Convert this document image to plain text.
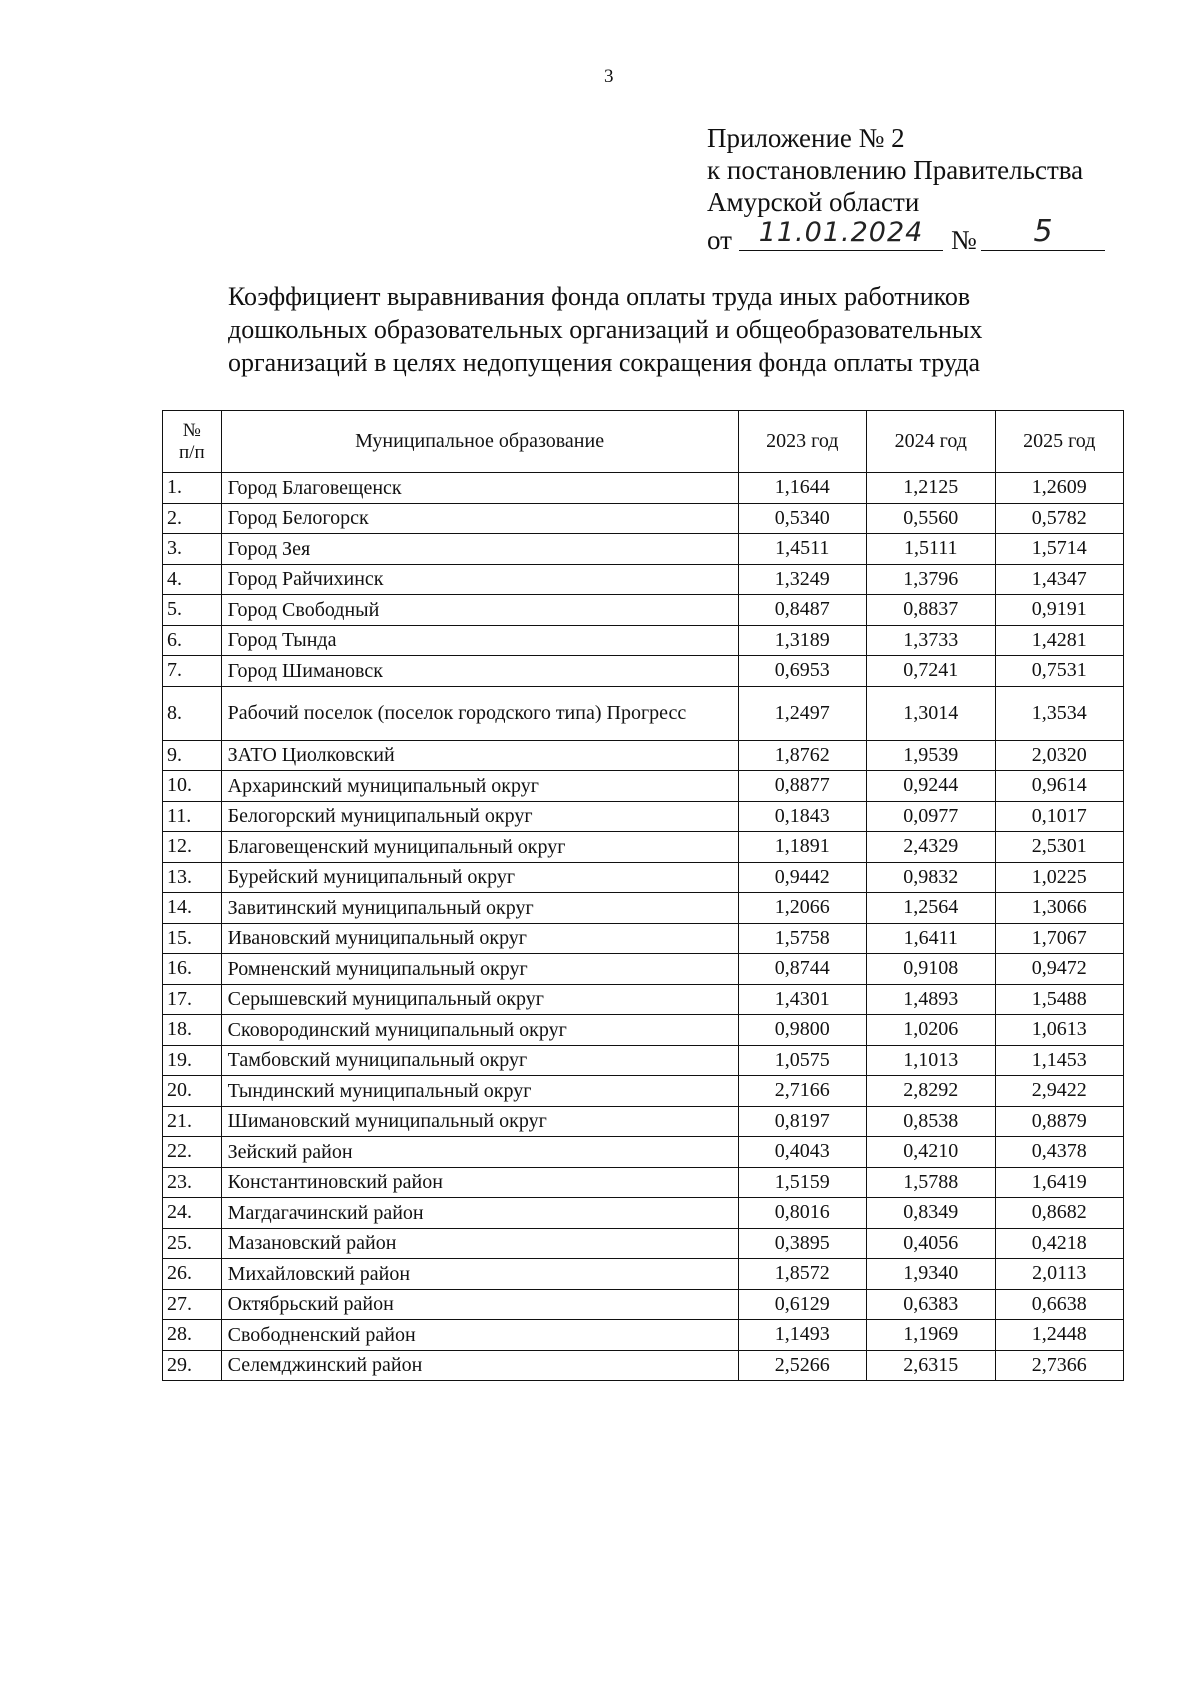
3
Приложение № 2
к постановлению Правительства
Амурской области
от 11.01.2024	№	5
Коэффициент выравнивания фонда оплаты труда иных работников
дошкольных образовательных организаций и общеобразовательных
организаций в целях недопущения сокращения фонда оплаты труда
№
п/п	Муниципальное образование	2023 год	2024 год	2025 год
1.	Город Благовещенск	1,1644	1,2125	1,2609
2.	Город Белогорск	0,5340	0,5560	0,5782
3.	Город Зея	1,4511	1,5111	1,5714
4.	Город Райчихинск	1,3249	1,3796	1,4347
5.	Город Свободный	0,8487	0,8837	0,9191
6.	Город Тында	1,3189	1,3733	1,4281
7.	Город Шимановск	0,6953	0,7241	0,7531
8.	Рабочий поселок (поселок городского типа) Прогресс	1,2497	1,3014	1,3534
9.	ЗАТО Циолковский	1,8762	1,9539	2,0320
10.	Архаринский муниципальный округ	0,8877	0,9244	0,9614
11.	Белогорский муниципальный округ	0,1843	0,0977	0,1017
12.	Благовещенский муниципальный округ	1,1891	2,4329	2,5301
13.	Бурейский муниципальный округ	0,9442	0,9832	1,0225
14.	Завитинский муниципальный округ	1,2066	1,2564	1,3066
15.	Ивановский муниципальный округ	1,5758	1,6411	1,7067
16.	Ромненский муниципальный округ	0,8744	0,9108	0,9472
17.	Серышевский муниципальный округ	1,4301	1,4893	1,5488
18.	Сковородинский муниципальный округ	0,9800	1,0206	1,0613
19.	Тамбовский муниципальный округ	1,0575	1,1013	1,1453
20.	Тындинский муниципальный округ	2,7166	2,8292	2,9422
21.	Шимановский муниципальный округ	0,8197	0,8538	0,8879
22.	Зейский район	0,4043	0,4210	0,4378
23.	Константиновский район	1,5159	1,5788	1,6419
24.	Магдагачинский район	0,8016	0,8349	0,8682
25.	Мазановский район	0,3895	0,4056	0,4218
26.	Михайловский район	1,8572	1,9340	2,0113
27.	Октябрьский район	0,6129	0,6383	0,6638
28.	Свободненский район	1,1493	1,1969	1,2448
29.	Селемджинский район	2,5266	2,6315	2,7366
